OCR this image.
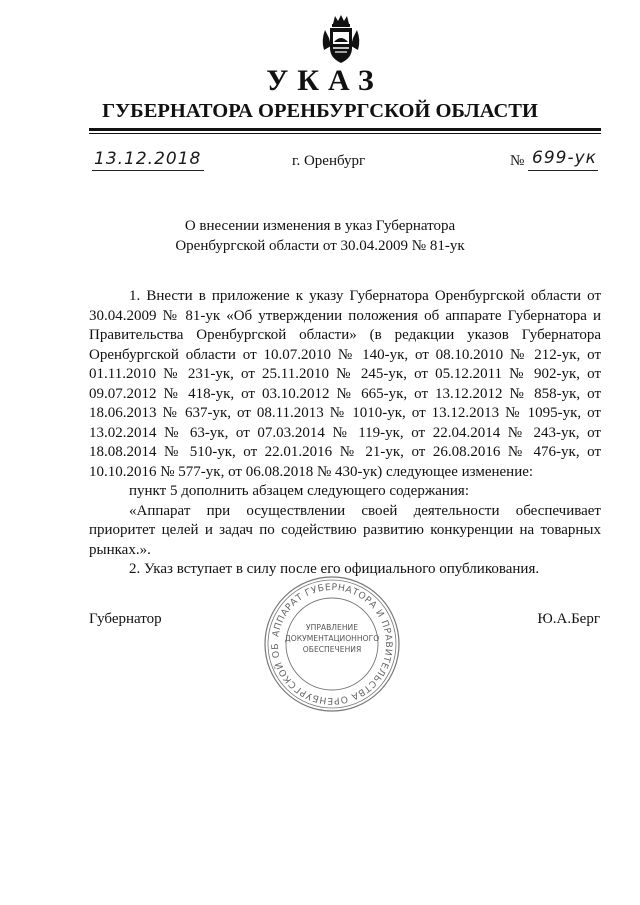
УКАЗ
ГУБЕРНАТОРА ОРЕНБУРГСКОЙ ОБЛАСТИ
13.12.2018	г. Оренбург	№ 699-ук
О внесении изменения в указ Губернатора
Оренбургской области от 30.04.2009 № 81-ук

1. Внести в приложение к указу Губернатора Оренбургской области от 30.04.2009 № 81-ук «Об утверждении положения об аппарате Губернатора и Правительства Оренбургской области» (в редакции указов Губернатора Оренбургской области от 10.07.2010 № 140-ук, от 08.10.2010 № 212-ук, от 01.11.2010 № 231-ук, от 25.11.2010 № 245-ук, от 05.12.2011 № 902-ук, от 09.07.2012 № 418-ук, от 03.10.2012 № 665-ук, от 13.12.2012 № 858-ук, от 18.06.2013 № 637-ук, от 08.11.2013 № 1010-ук, от 13.12.2013 № 1095-ук, от 13.02.2014 № 63-ук, от 07.03.2014 № 119-ук, от 22.04.2014 № 243-ук, от 18.08.2014 № 510-ук, от 22.01.2016 № 21-ук, от 26.08.2016 № 476-ук, от 10.10.2016 № 577-ук, от 06.08.2018 № 430-ук) следующее изменение:

пункт 5 дополнить абзацем следующего содержания:

«Аппарат при осуществлении своей деятельности обеспечивает приоритет целей и задач по содействию развитию конкуренции на товарных рынках.».

2. Указ вступает в силу после его официального опубликования.

Губернатор	Ю.А.Берг
АППАРАТ ГУБЕРНАТОРА И ПРАВИТЕЛЬСТВА ОРЕНБУРГСКОЙ ОБ
УПРАВЛЕНИЕ
ДОКУМЕНТАЦИОННОГО
ОБЕСПЕЧЕНИЯ
